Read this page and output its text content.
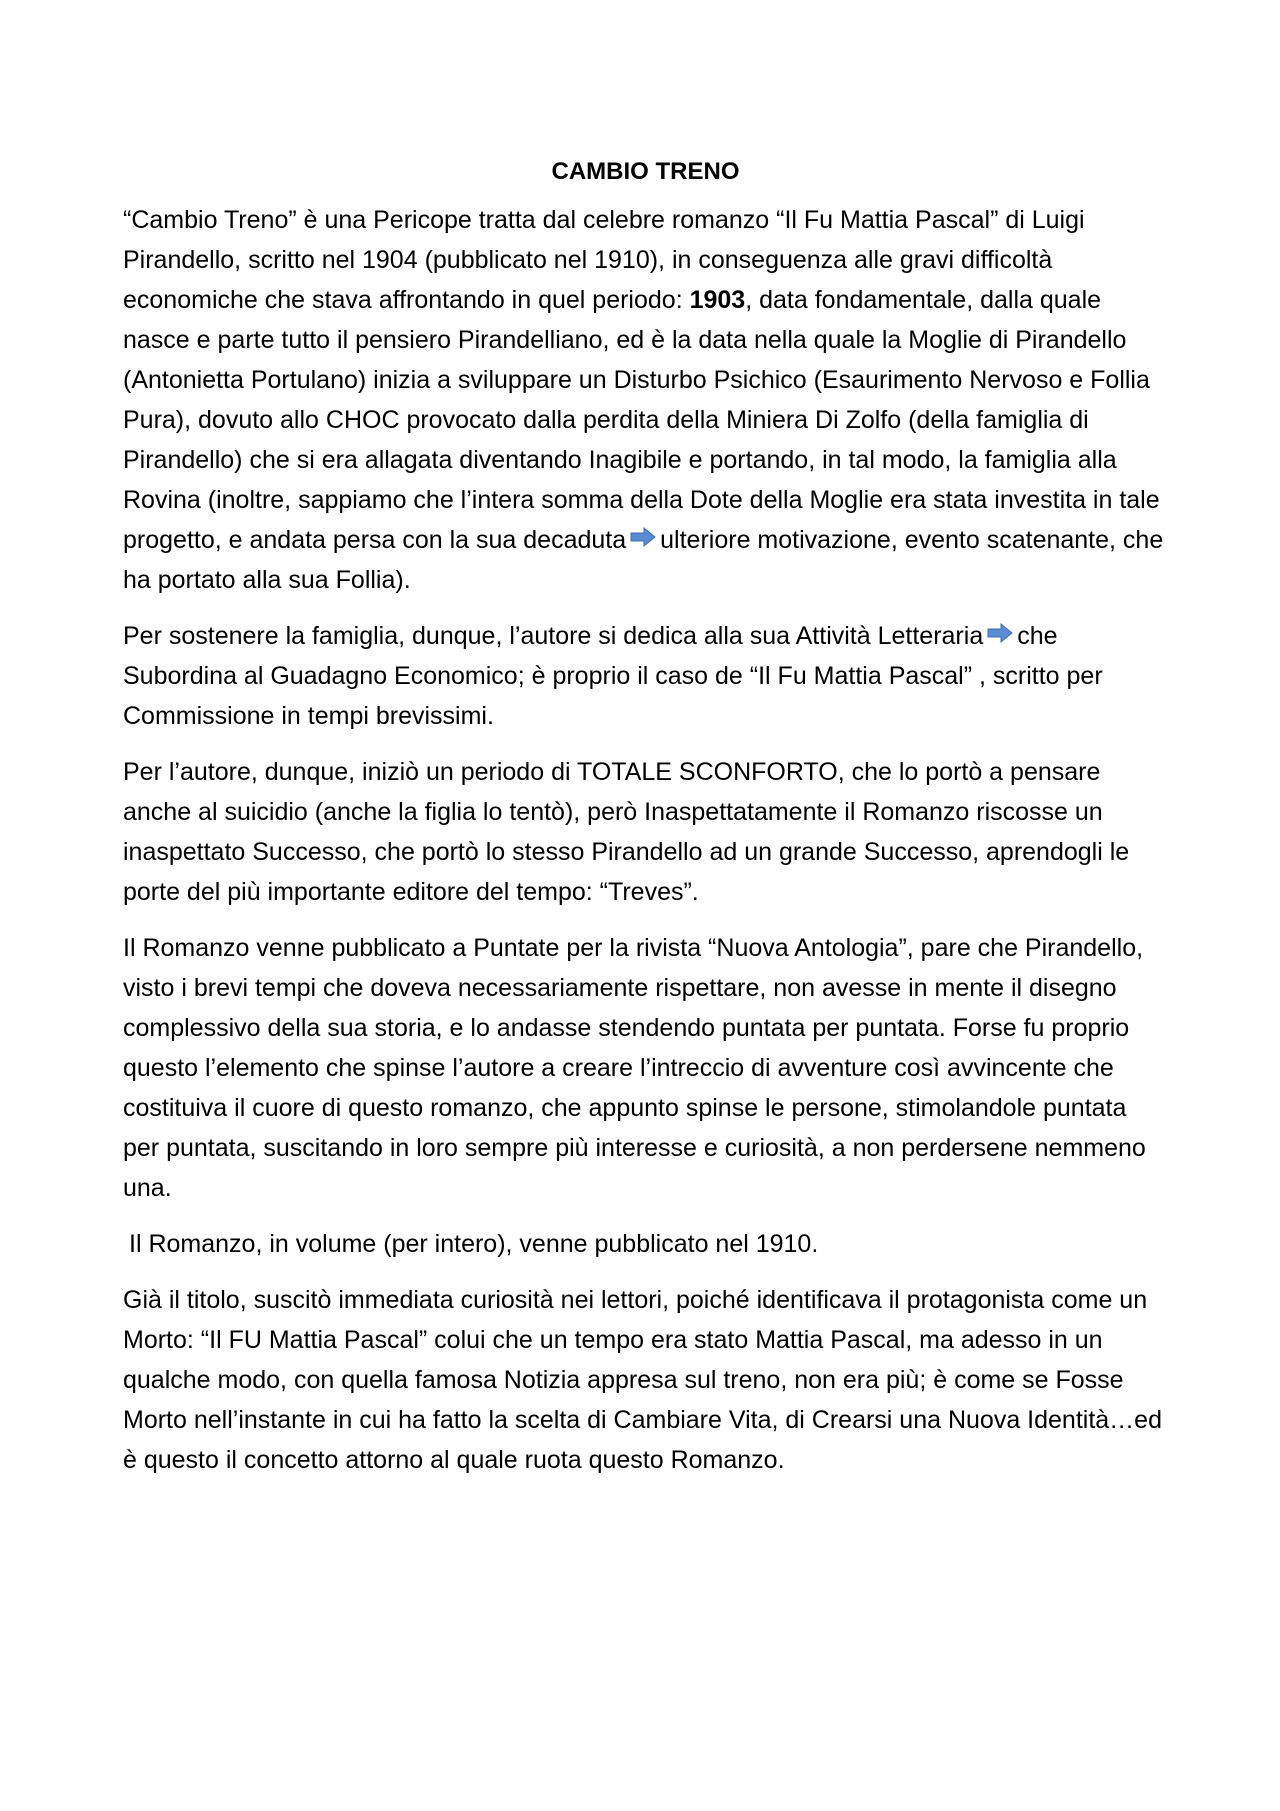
CAMBIO TRENO

“Cambio Treno” è una Pericope tratta dal celebre romanzo “Il Fu Mattia Pascal” di Luigi Pirandello, scritto nel 1904 (pubblicato nel 1910), in conseguenza alle gravi difficoltà economiche che stava affrontando in quel periodo: 1903, data fondamentale, dalla quale nasce e parte tutto il pensiero Pirandelliano, ed è la data nella quale la Moglie di Pirandello (Antonietta Portulano) inizia a sviluppare un Disturbo Psichico (Esaurimento Nervoso e Follia Pura), dovuto allo CHOC provocato dalla perdita della Miniera Di Zolfo (della famiglia di Pirandello) che si era allagata diventando Inagibile e portando, in tal modo, la famiglia alla Rovina (inoltre, sappiamo che l’intera somma della Dote della Moglie era stata investita in tale progetto, e andata persa con la sua decaduta ulteriore motivazione, evento scatenante, che ha portato alla sua Follia).

Per sostenere la famiglia, dunque, l’autore si dedica alla sua Attività Letteraria che Subordina al Guadagno Economico; è proprio il caso de “Il Fu Mattia Pascal” , scritto per Commissione in tempi brevissimi.

Per l’autore, dunque, iniziò un periodo di TOTALE SCONFORTO, che lo portò a pensare anche al suicidio (anche la figlia lo tentò), però Inaspettatamente il Romanzo riscosse un inaspettato Successo, che portò lo stesso Pirandello ad un grande Successo, aprendogli le porte del più importante editore del tempo: “Treves”.

Il Romanzo venne pubblicato a Puntate per la rivista “Nuova Antologia”, pare che Pirandello, visto i brevi tempi che doveva necessariamente rispettare, non avesse in mente il disegno complessivo della sua storia, e lo andasse stendendo puntata per puntata. Forse fu proprio questo l’elemento che spinse l’autore a creare l’intreccio di avventure così avvincente che costituiva il cuore di questo romanzo, che appunto spinse le persone, stimolandole puntata per puntata, suscitando in loro sempre più interesse e curiosità, a non perdersene nemmeno una.

Il Romanzo, in volume (per intero), venne pubblicato nel 1910.

Già il titolo, suscitò immediata curiosità nei lettori, poiché identificava il protagonista come un Morto: “Il FU Mattia Pascal” colui che un tempo era stato Mattia Pascal, ma adesso in un qualche modo, con quella famosa Notizia appresa sul treno, non era più; è come se Fosse Morto nell’instante in cui ha fatto la scelta di Cambiare Vita, di Crearsi una Nuova Identità…ed è questo il concetto attorno al quale ruota questo Romanzo.
